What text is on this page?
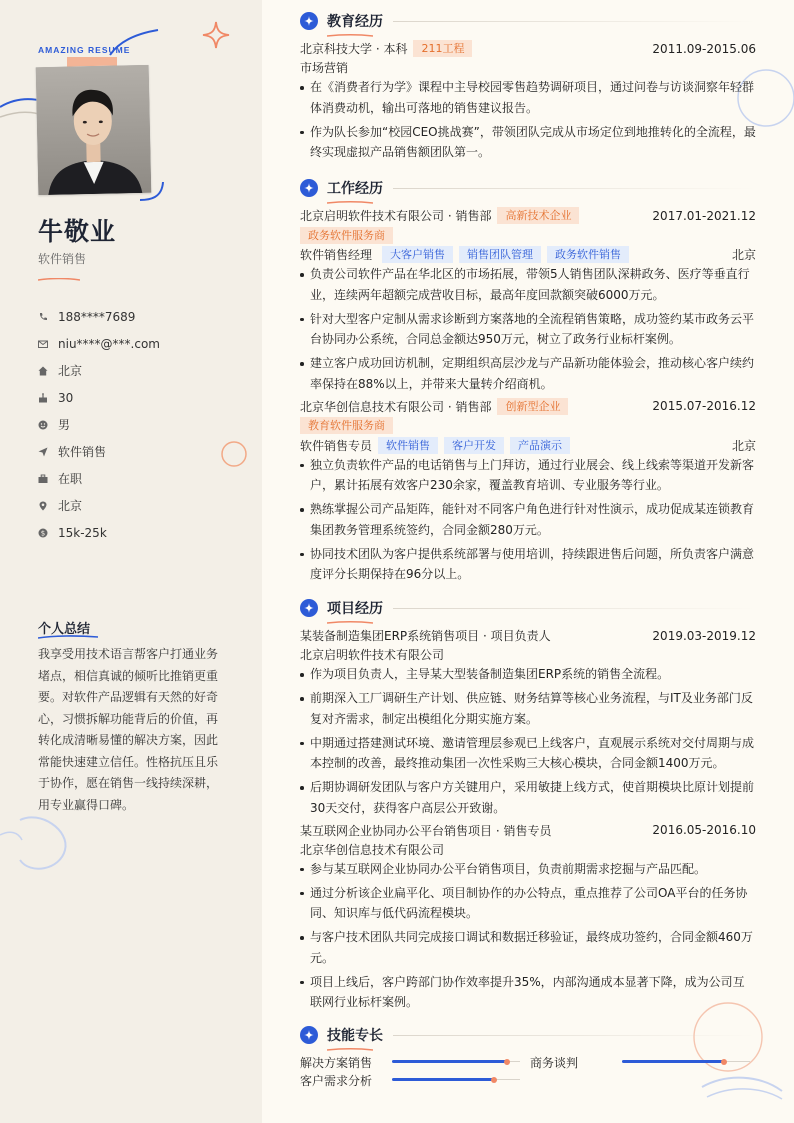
AMAZING RESUME
牛敬业
软件销售
188****7689
niu****@***.com
北京
30
男
软件销售
在职
北京
$ 15k-25k
个人总结
我享受用技术语言帮客户打通业务堵点，相信真诚的倾听比推销更重要。对软件产品逻辑有天然的好奇心，习惯拆解功能背后的价值，再转化成清晰易懂的解决方案，因此常能快速建立信任。性格抗压且乐于协作，愿在销售一线持续深耕，用专业赢得口碑。
教育经历
北京科技大学 · 本科	211工程	2011.09-2015.06
市场营销
在《消费者行为学》课程中主导校园零售趋势调研项目，通过问卷与访谈洞察年轻群体消费动机，输出可落地的销售建议报告。
作为队长参加“校园CEO挑战赛”，带领团队完成从市场定位到地推转化的全流程，最终实现虚拟产品销售额团队第一。
工作经历
北京启明软件技术有限公司 · 销售部	高新技术企业	2017.01-2021.12
政务软件服务商
软件销售经理	大客户销售	销售团队管理	政务软件销售	北京
负责公司软件产品在华北区的市场拓展，带领5人销售团队深耕政务、医疗等垂直行业，连续两年超额完成营收目标，最高年度回款额突破6000万元。
针对大型客户定制从需求诊断到方案落地的全流程销售策略，成功签约某市政务云平台协同办公系统，合同总金额达950万元，树立了政务行业标杆案例。
建立客户成功回访机制，定期组织高层沙龙与产品新功能体验会，推动核心客户续约率保持在88%以上，并带来大量转介绍商机。
北京华创信息技术有限公司 · 销售部	创新型企业	2015.07-2016.12
教育软件服务商
软件销售专员	软件销售	客户开发	产品演示	北京
独立负责软件产品的电话销售与上门拜访，通过行业展会、线上线索等渠道开发新客户，累计拓展有效客户230余家，覆盖教育培训、专业服务等行业。
熟练掌握公司产品矩阵，能针对不同客户角色进行针对性演示，成功促成某连锁教育集团教务管理系统签约，合同金额280万元。
协同技术团队为客户提供系统部署与使用培训，持续跟进售后问题，所负责客户满意度评分长期保持在96分以上。
项目经历
某装备制造集团ERP系统销售项目 · 项目负责人	2019.03-2019.12
北京启明软件技术有限公司
作为项目负责人，主导某大型装备制造集团ERP系统的销售全流程。
前期深入工厂调研生产计划、供应链、财务结算等核心业务流程，与IT及业务部门反复对齐需求，制定出模组化分期实施方案。
中期通过搭建测试环境、邀请管理层参观已上线客户，直观展示系统对交付周期与成本控制的改善，最终推动集团一次性采购三大核心模块，合同金额1400万元。
后期协调研发团队与客户方关键用户，采用敏捷上线方式，使首期模块比原计划提前30天交付，获得客户高层公开致谢。
某互联网企业协同办公平台销售项目 · 销售专员	2016.05-2016.10
北京华创信息技术有限公司
参与某互联网企业协同办公平台销售项目，负责前期需求挖掘与产品匹配。
通过分析该企业扁平化、项目制协作的办公特点，重点推荐了公司OA平台的任务协同、知识库与低代码流程模块。
与客户技术团队共同完成接口调试和数据迁移验证，最终成功签约，合同金额460万元。
项目上线后，客户跨部门协作效率提升35%，内部沟通成本显著下降，成为公司互联网行业标杆案例。
技能专长
解决方案销售
客户需求分析
商务谈判
